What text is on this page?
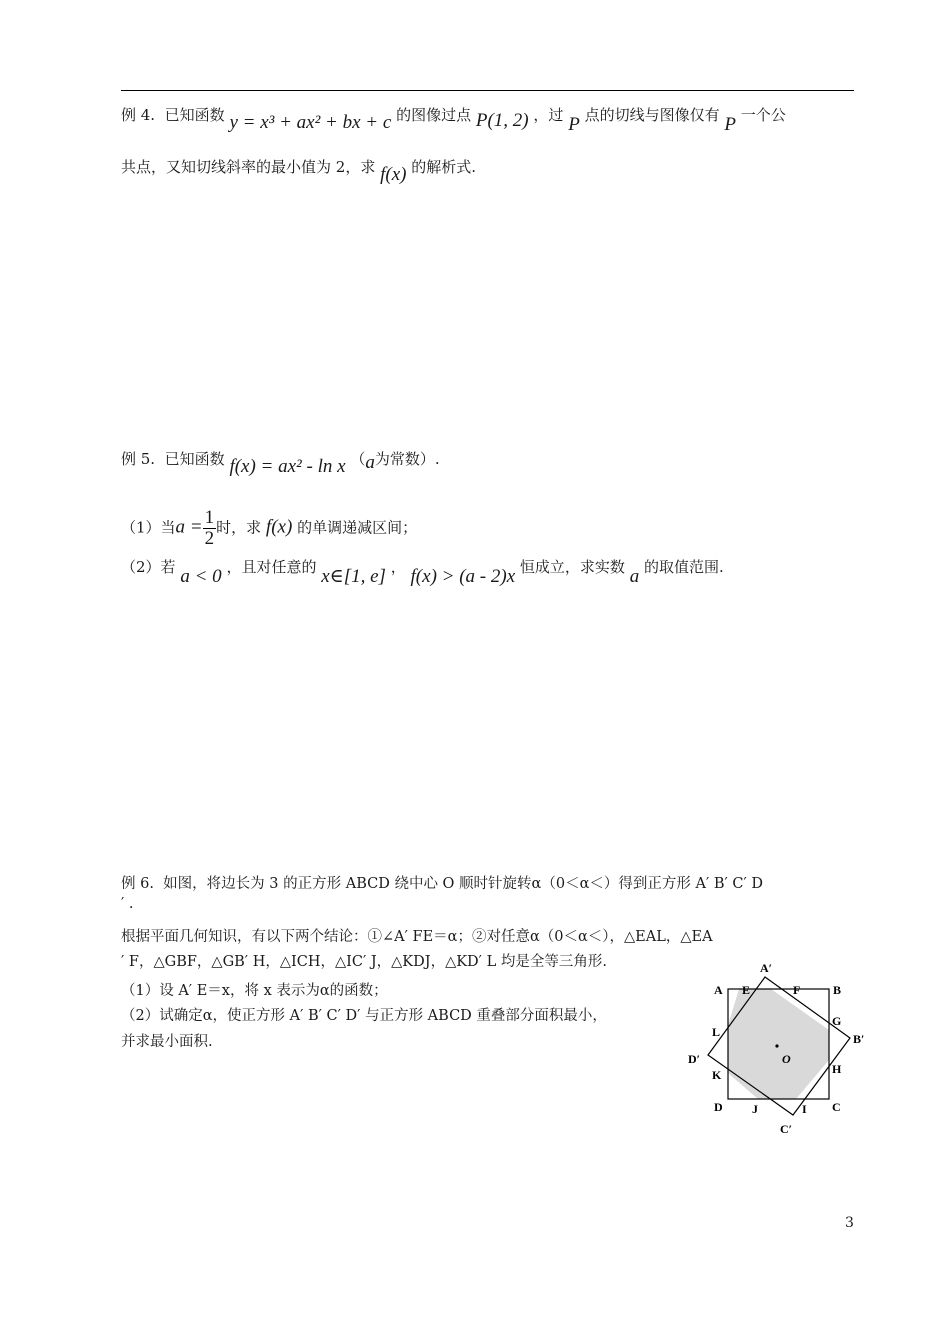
例 4. 已知函数 y = x³ + ax² + bx + c 的图像过点 P(1, 2) ，过 P 点的切线与图像仅有 P 一个公
共点，又知切线斜率的最小值为 2，求 f(x) 的解析式.
例 5. 已知函数 f(x) = ax² - ln x （a为常数）.
（1）当$a = \frac{1}{2}$ 时，求 f(x) 的单调递减区间；
（2）若 a < 0 ，且对任意的 x∈[1, e] ， f(x) > (a - 2)x 恒成立，求实数 a 的取值范围.
例 6. 如图，将边长为 3 的正方形 ABCD 绕中心 O 顺时针旋转α（0＜α＜）得到正方形 A′ B′ C′ D
′ .
根据平面几何知识，有以下两个结论：①∠A′ FE＝α；②对任意α（0＜α＜），△EAL，△EA
′ F，△GBF，△GB′ H，△ICH，△IC′ J，△KDJ，△KD′ L 均是全等三角形.
（1）设 A′ E＝x，将 x 表示为α的函数；
（2）试确定α，使正方形 A′ B′ C′ D′ 与正方形 ABCD 重叠部分面积最小，
并求最小面积.
A	B
C
D
A′
B′
C′
D′
E	F
G
H
I
J
K
L
O
3
